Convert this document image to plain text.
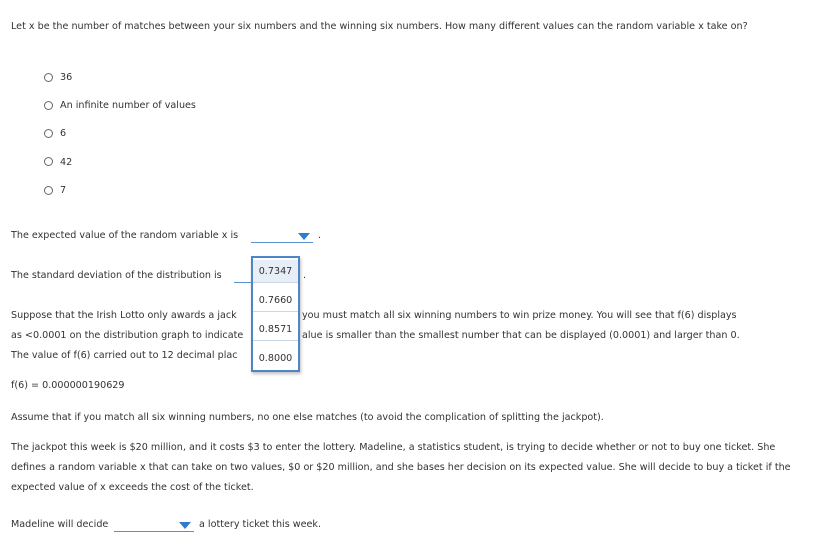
Let x be the number of matches between your six numbers and the winning six numbers. How many different values can the random variable x take on?
36
An infinite number of values
6
42
7
The expected value of the random variable x is	.
The standard deviation of the distribution is	.
Suppose that the Irish Lotto only awards a jack	you must match all six winning numbers to win prize money. You will see that f(6) displays
as <0.0001 on the distribution graph to indicate	alue is smaller than the smallest number that can be displayed (0.0001) and larger than 0.
The value of f(6) carried out to 12 decimal plac
0.7347
0.7660
0.8571
0.8000
f(6) = 0.000000190629
Assume that if you match all six winning numbers, no one else matches (to avoid the complication of splitting the jackpot).
The jackpot this week is $20 million, and it costs $3 to enter the lottery. Madeline, a statistics student, is trying to decide whether or not to buy one ticket. She defines a random variable x that can take on two values, $0 or $20 million, and she bases her decision on its expected value. She will decide to buy a ticket if the expected value of x exceeds the cost of the ticket.
Madeline will decide	a lottery ticket this week.
